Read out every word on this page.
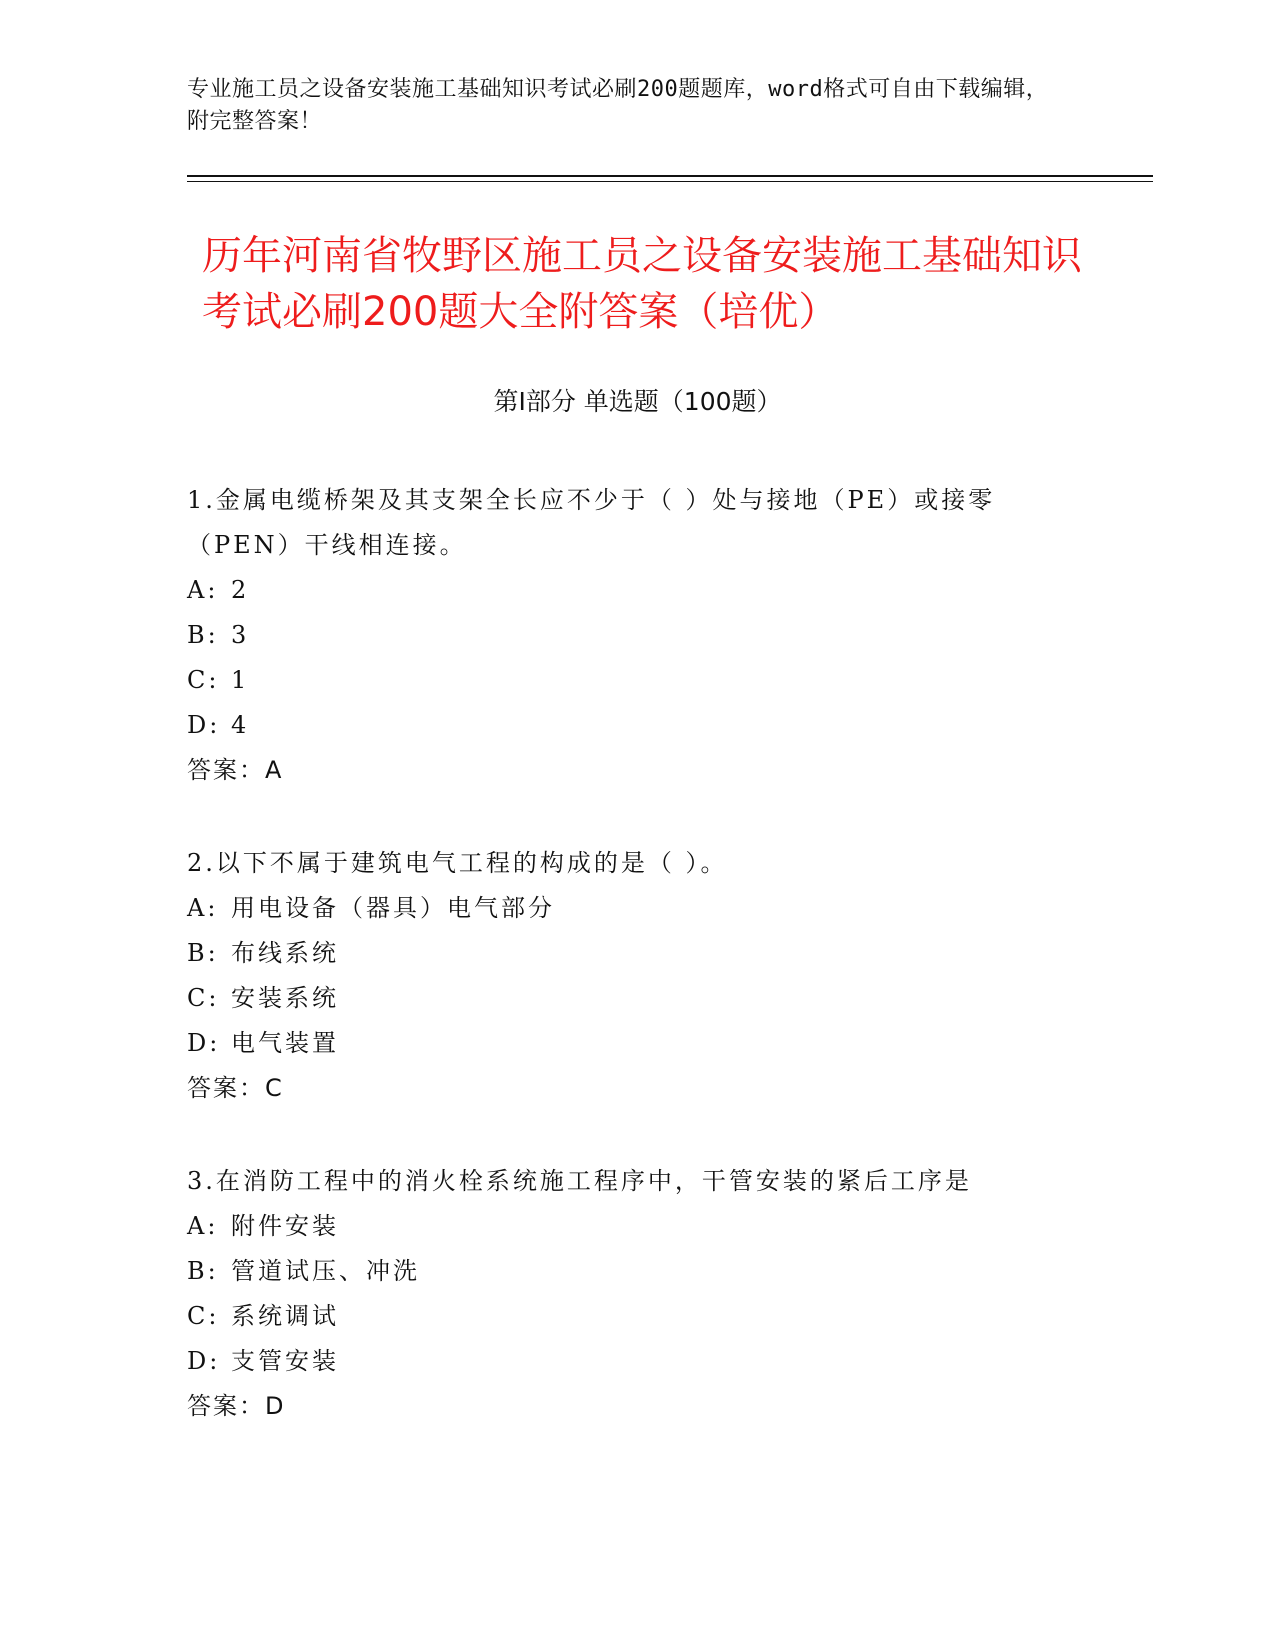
专业施工员之设备安装施工基础知识考试必刷200题题库，word格式可自由下载编辑，附完整答案！
历年河南省牧野区施工员之设备安装施工基础知识考试必刷200题大全附答案（培优）
第I部分 单选题（100题）
1.金属电缆桥架及其支架全长应不少于（ ）处与接地（PE）或接零（PEN）干线相连接。
A: 2
B: 3
C: 1
D: 4
答案：A
2.以下不属于建筑电气工程的构成的是（ ）。
A: 用电设备（器具）电气部分
B: 布线系统
C: 安装系统
D: 电气装置
答案：C
3.在消防工程中的消火栓系统施工程序中，干管安装的紧后工序是
A: 附件安装
B: 管道试压、冲洗
C: 系统调试
D: 支管安装
答案：D
